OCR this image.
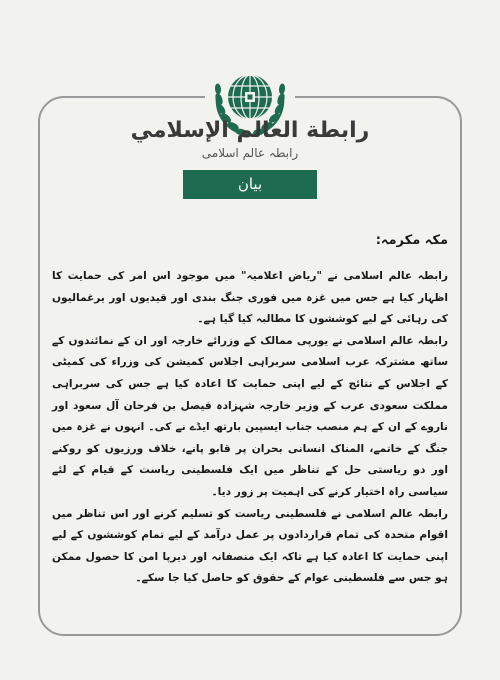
رابطة العالم الإسلامي
رابطہ عالم اسلامی
بیان
مکہ مکرمہ:

رابطہ عالم اسلامی نے "ریاض اعلامیہ" میں موجود اس امر کی حمایت کا اظہار کیا ہے جس میں غزہ میں فوری جنگ بندی اور قیدیوں اور یرغمالیوں کی رہائی کے لیے کوششوں کا مطالبہ کیا گیا ہے۔

رابطہ عالم اسلامی نے یورپی ممالک کے وزرائے خارجہ اور ان کے نمائندوں کے ساتھ مشترکہ عرب اسلامی سربراہی اجلاس کمیشن کی وزراء کی کمیٹی کے اجلاس کے نتائج کے لیے اپنی حمایت کا اعادہ کیا ہے جس کی سربراہی مملکت سعودی عرب کے وزیر خارجہ شہزادہ فیصل بن فرحان آل سعود اور ناروے کے ان کے ہم منصب جناب ایسپین بارتھ ایڈے نے کی۔ انہوں نے غزہ میں جنگ کے خاتمے، المناک انسانی بحران پر قابو پانے، خلاف ورزیوں کو روکنے اور دو ریاستی حل کے تناظر میں ایک فلسطینی ریاست کے قیام کے لئے سیاسی راہ اختیار کرنے کی اہمیت پر زور دیا۔

رابطہ عالم اسلامی نے فلسطینی ریاست کو تسلیم کرنے اور اس تناظر میں اقوام متحدہ کی تمام قراردادوں پر عمل درآمد کے لیے تمام کوششوں کے لیے اپنی حمایت کا اعادہ کیا ہے تاکہ ایک منصفانہ اور دیرپا امن کا حصول ممکن ہو جس سے فلسطینی عوام کے حقوق کو حاصل کیا جا سکے۔
